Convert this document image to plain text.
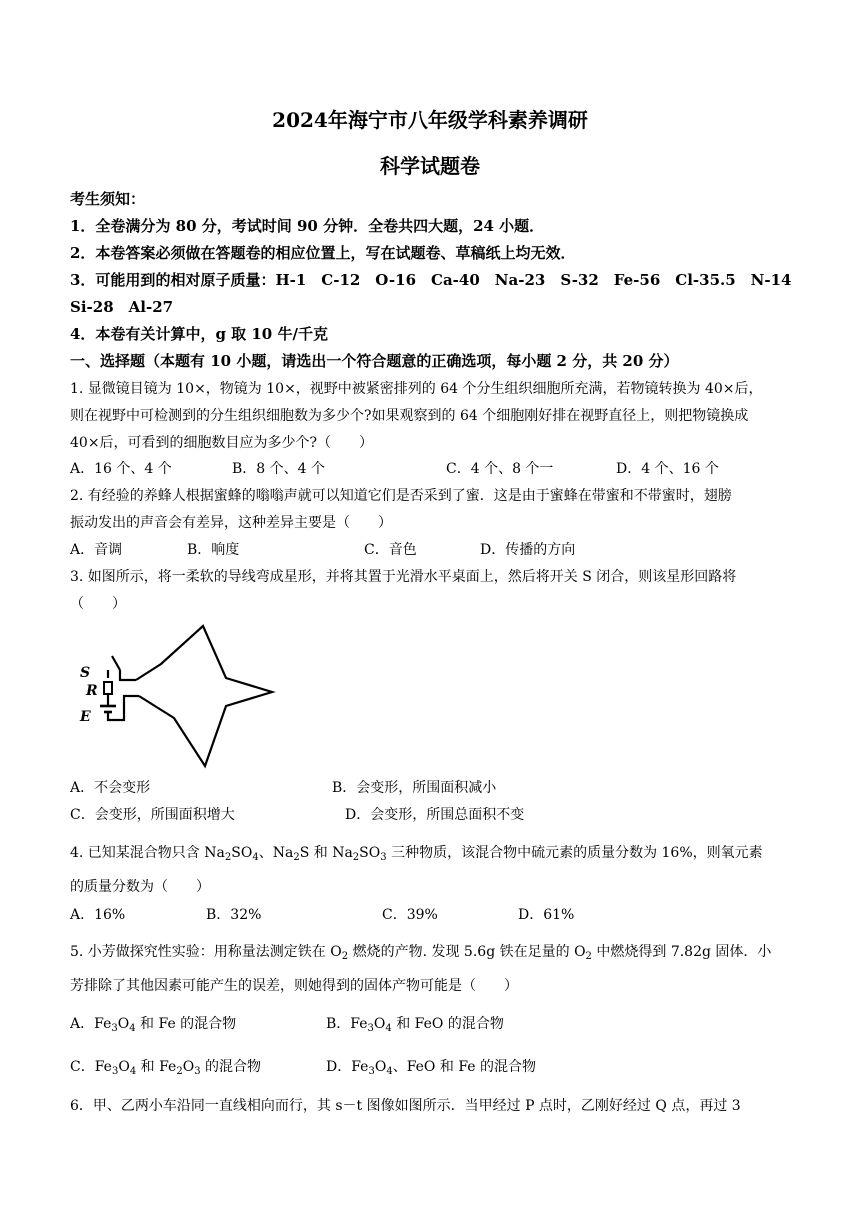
2024年海宁市八年级学科素养调研
科学试题卷
考生须知：
1．全卷满分为 80 分，考试时间 90 分钟．全卷共四大题，24 小题．
2．本卷答案必须做在答题卷的相应位置上，写在试题卷、草稿纸上均无效．
3．可能用到的相对原子质量：H-1　C-12　O-16　Ca-40　Na-23　S-32　Fe-56　Cl-35.5　N-14
Si-28　Al-27
4．本卷有关计算中，g 取 10 牛/千克
一、选择题（本题有 10 小题，请选出一个符合题意的正确选项，每小题 2 分，共 20 分）
1. 显微镜目镜为 10×，物镜为 10×，视野中被紧密排列的 64 个分生组织细胞所充满，若物镜转换为 40×后，
则在视野中可检测到的分生组织细胞数为多少个?如果观察到的 64 个细胞刚好排在视野直径上，则把物镜换成
40×后，可看到的细胞数目应为多少个?（　　）
A．16 个、4 个	B．8 个、4 个	C．4 个、8 个一	D．4 个、16 个
2. 有经验的养蜂人根据蜜蜂的嗡嗡声就可以知道它们是否采到了蜜．这是由于蜜蜂在带蜜和不带蜜时，翅膀
振动发出的声音会有差异，这种差异主要是（　　）
A．音调	B．响度	C．音色	D．传播的方向
3. 如图所示，将一柔软的导线弯成星形，并将其置于光滑水平桌面上，然后将开关 S 闭合，则该星形回路将
（　　）
S
R
E
A．不会变形	B．会变形，所围面积减小
C．会变形，所围面积增大	D．会变形，所围总面积不变
4. 已知某混合物只含 $Na_2SO_4$、$Na_2S$ 和 $Na_2SO_3$ 三种物质，该混合物中硫元素的质量分数为 16%，则氧元素
的质量分数为（　　）
A．16%	B．32%	C．39%	D．61%
5. 小芳做探究性实验：用称量法测定铁在 $O_2$ 燃烧的产物. 发现 5.6g 铁在足量的 $O_2$ 中燃烧得到 7.82g 固体．小
芳排除了其他因素可能产生的误差，则她得到的固体产物可能是（　　）
A．$Fe_3O_4$ 和 Fe 的混合物	B．$Fe_3O_4$ 和 FeO 的混合物
C．$Fe_3O_4$ 和 $Fe_2O_3$ 的混合物	D．$Fe_3O_4$、FeO 和 Fe 的混合物
6．甲、乙两小车沿同一直线相向而行，其 s－t 图像如图所示．当甲经过 P 点时，乙刚好经过 Q 点，再过 3
